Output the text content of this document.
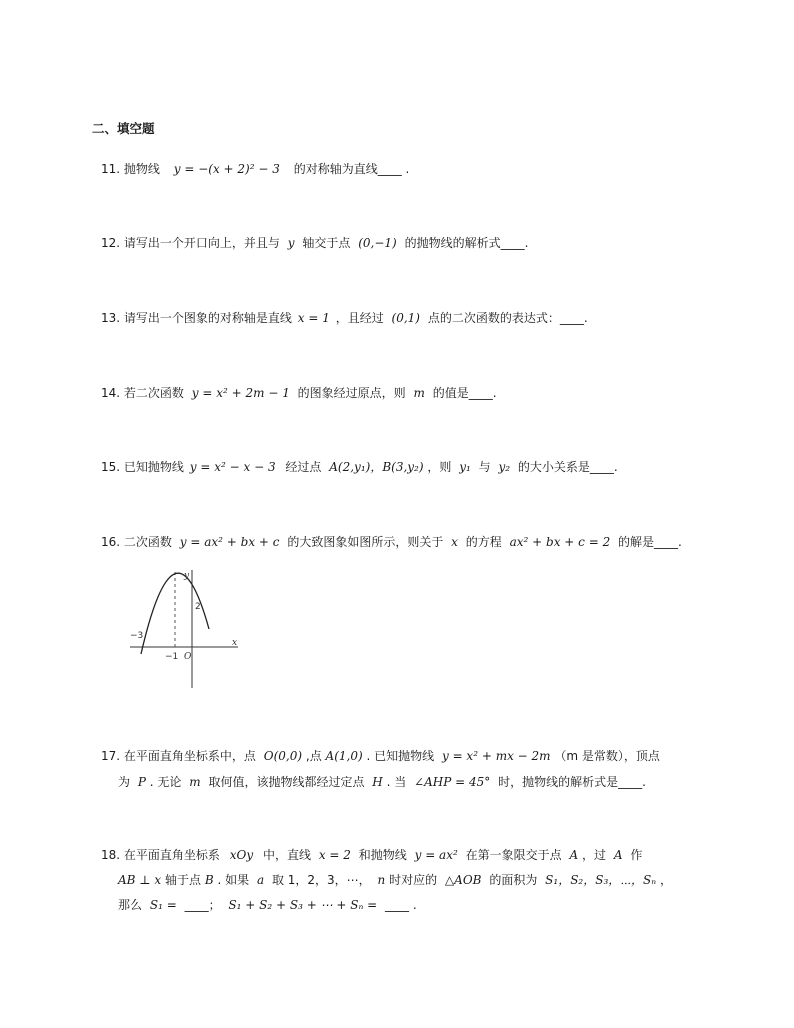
二、填空题
11. 抛物线 y = −(x + 2)² − 3 的对称轴为直线____ .
12. 请写出一个开口向上，并且与 y 轴交于点 (0,−1) 的抛物线的解析式____.
13. 请写出一个图象的对称轴是直线 x = 1 ，且经过 (0,1) 点的二次函数的表达式：____.
14. 若二次函数 y = x² + 2m − 1 的图象经过原点，则 m 的值是____.
15. 已知抛物线 y = x² − x − 3 经过点 A(2,y₁)，B(3,y₂) ，则 y₁ 与 y₂ 的大小关系是____.
16. 二次函数 y = ax² + bx + c 的大致图象如图所示，则关于 x 的方程 ax² + bx + c = 2 的解是____.
y
x
O
−3
−1
2
17. 在平面直角坐标系中，点 O(0,0) ,点 A(1,0) . 已知抛物线 y = x² + mx − 2m （m 是常数），顶点
为 P . 无论 m 取何值，该抛物线都经过定点 H . 当 ∠AHP = 45° 时，抛物线的解析式是____.
18. 在平面直角坐标系 xOy 中，直线 x = 2 和抛物线 y = ax² 在第一象限交于点 A ，过 A 作
AB ⊥ x 轴于点 B . 如果 a 取 1，2，3，⋯， n 时对应的 △AOB 的面积为 S₁，S₂，S₃，⋯，Sₙ ，
那么 S₁ = ____； S₁ + S₂ + S₃ + ⋯ + Sₙ = ____ .
